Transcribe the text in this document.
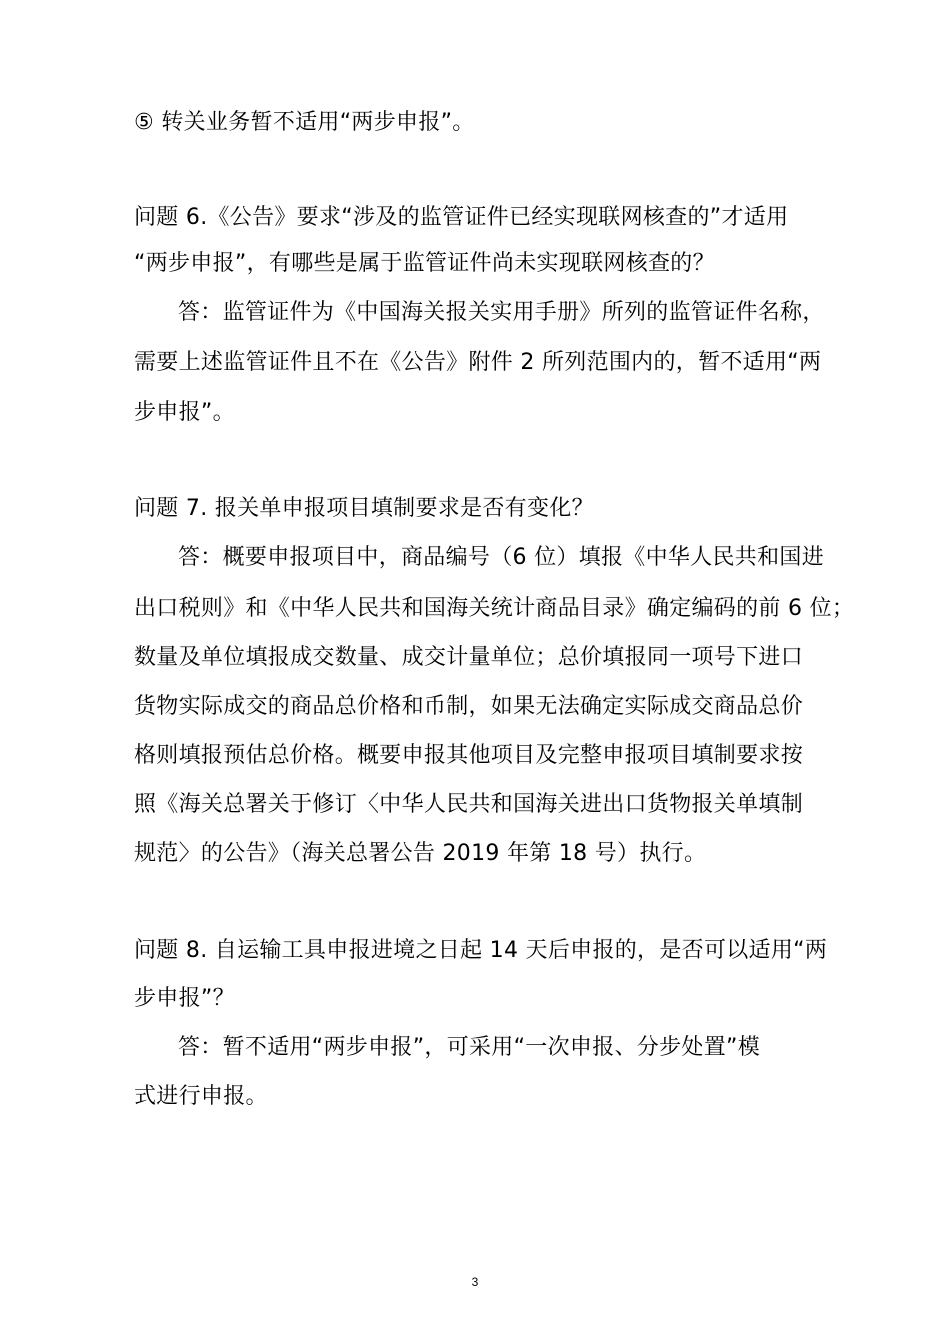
⑤ 转关业务暂不适用“两步申报”。
问题 6.《公告》要求“涉及的监管证件已经实现联网核查的”才适用
“两步申报”，有哪些是属于监管证件尚未实现联网核查的？
答：监管证件为《中国海关报关实用手册》所列的监管证件名称，
需要上述监管证件且不在《公告》附件 2 所列范围内的，暂不适用“两
步申报”。
问题 7. 报关单申报项目填制要求是否有变化？
答：概要申报项目中，商品编号（6 位）填报《中华人民共和国进
出口税则》和《中华人民共和国海关统计商品目录》确定编码的前 6 位；
数量及单位填报成交数量、成交计量单位；总价填报同一项号下进口
货物实际成交的商品总价格和币制，如果无法确定实际成交商品总价
格则填报预估总价格。概要申报其他项目及完整申报项目填制要求按
照《海关总署关于修订〈中华人民共和国海关进出口货物报关单填制
规范〉的公告》（海关总署公告 2019 年第 18 号）执行。
问题 8. 自运输工具申报进境之日起 14 天后申报的，是否可以适用“两
步申报”？
答：暂不适用“两步申报”，可采用“一次申报、分步处置”模
式进行申报。
3
